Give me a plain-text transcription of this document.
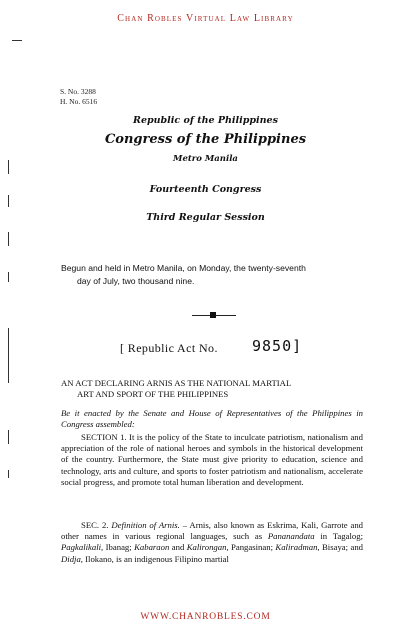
Chan Robles Virtual Law Library
S. No. 3288
H. No. 6516
Republic of the Philippines
Congress of the Philippines
Metro Manila
Fourteenth Congress
Third Regular Session
Begun and held in Metro Manila, on Monday, the twenty-seventh
day of July, two thousand nine.
[ Republic Act No. 9850]
AN ACT DECLARING ARNIS AS THE NATIONAL MARTIAL
ART AND SPORT OF THE PHILIPPINES
Be it enacted by the Senate and House of Representatives of the Philippines in Congress assembled:
SECTION 1. It is the policy of the State to inculcate patriotism, nationalism and appreciation of the role of national heroes and symbols in the historical development of the country. Furthermore, the State must give priority to education, science and technology, arts and culture, and sports to foster patriotism and nationalism, accelerate social progress, and promote total human liberation and development.
SEC. 2. Definition of Arnis. – Arnis, also known as Eskrima, Kali, Garrote and other names in various regional languages, such as Pananandata in Tagalog; Pagkalikali, Ibanag; Kabaraon and Kalirongan, Pangasinan; Kaliradman, Bisaya; and Didja, Ilokano, is an indigenous Filipino martial
WWW.CHANROBLES.COM
